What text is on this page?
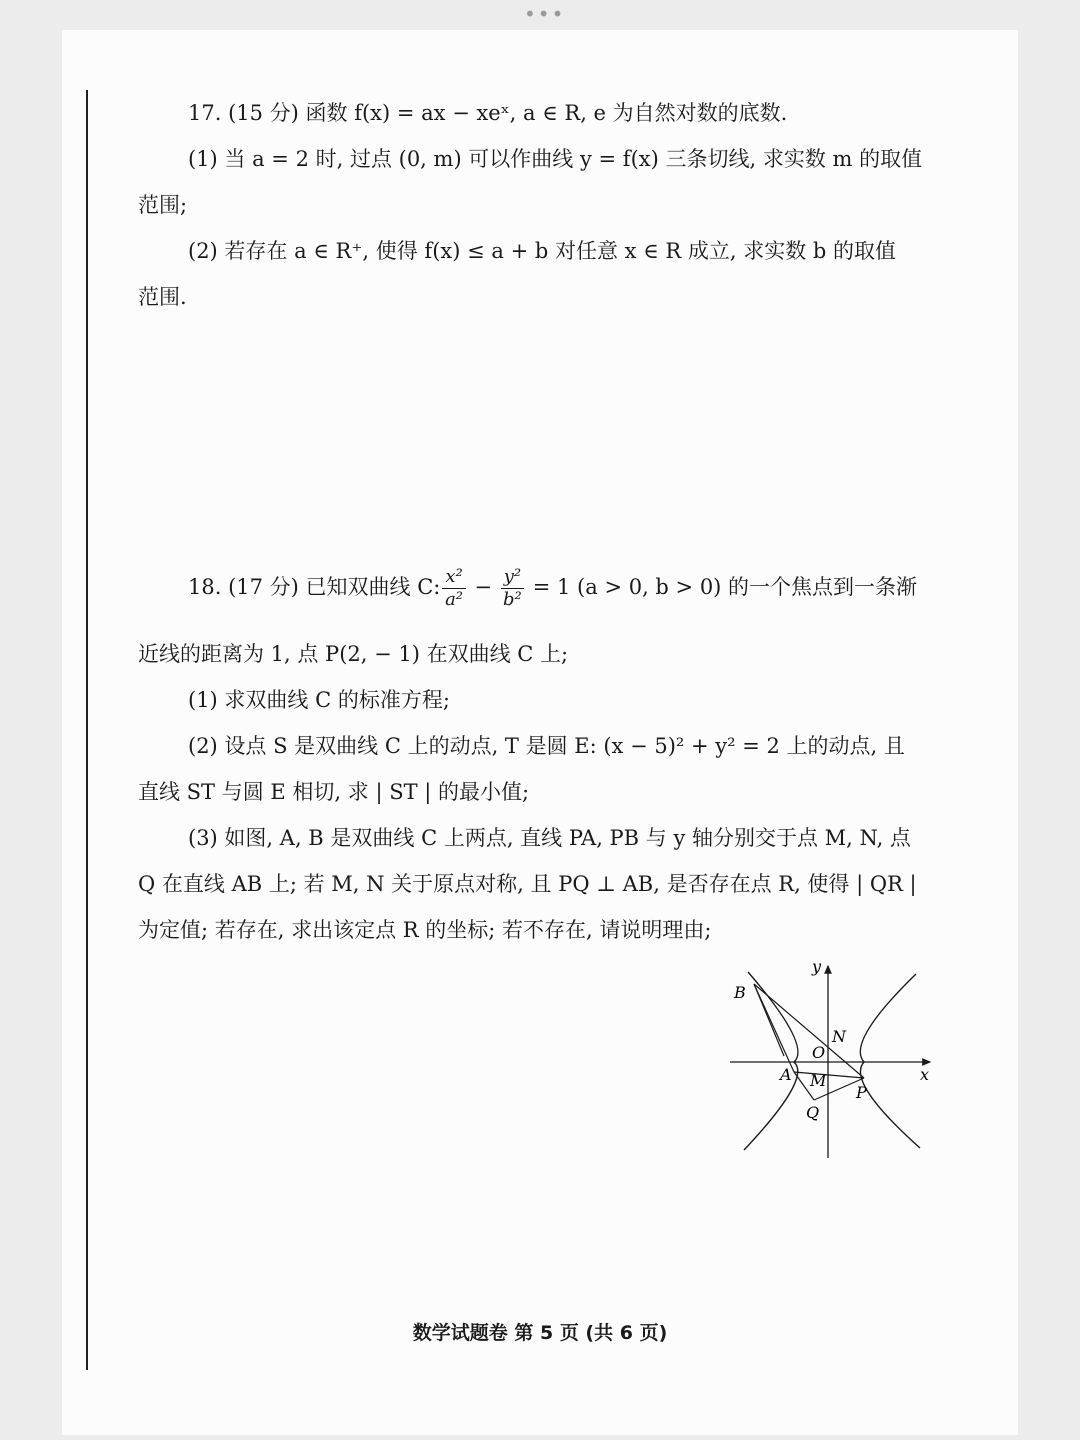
•••

17. (15 分) 函数 f(x) = ax − xeˣ, a ∈ R, e 为自然对数的底数.

(1) 当 a = 2 时, 过点 (0, m) 可以作曲线 y = f(x) 三条切线, 求实数 m 的取值

范围;

(2) 若存在 a ∈ R⁺, 使得 f(x) ≤ a + b 对任意 x ∈ R 成立, 求实数 b 的取值

范围.

18. (17 分) 已知双曲线 C: $\frac{\text{x²}}{\text{a²}} - \frac{\text{y²}}{\text{b²}} = 1$ (a > 0, b > 0) 的一个焦点到一条渐

近线的距离为 1, 点 P(2, − 1) 在双曲线 C 上;

(1) 求双曲线 C 的标准方程;

(2) 设点 S 是双曲线 C 上的动点, T 是圆 E: (x − 5)² + y² = 2 上的动点, 且

直线 ST 与圆 E 相切, 求 | ST | 的最小值;

(3) 如图, A, B 是双曲线 C 上两点, 直线 PA, PB 与 y 轴分别交于点 M, N, 点

Q 在直线 AB 上; 若 M, N 关于原点对称, 且 PQ ⊥ AB, 是否存在点 R, 使得 | QR |

为定值; 若存在, 求出该定点 R 的坐标; 若不存在, 请说明理由;

y
x
B
N
O
A M
P
Q
数学试题卷 第 5 页 (共 6 页)
